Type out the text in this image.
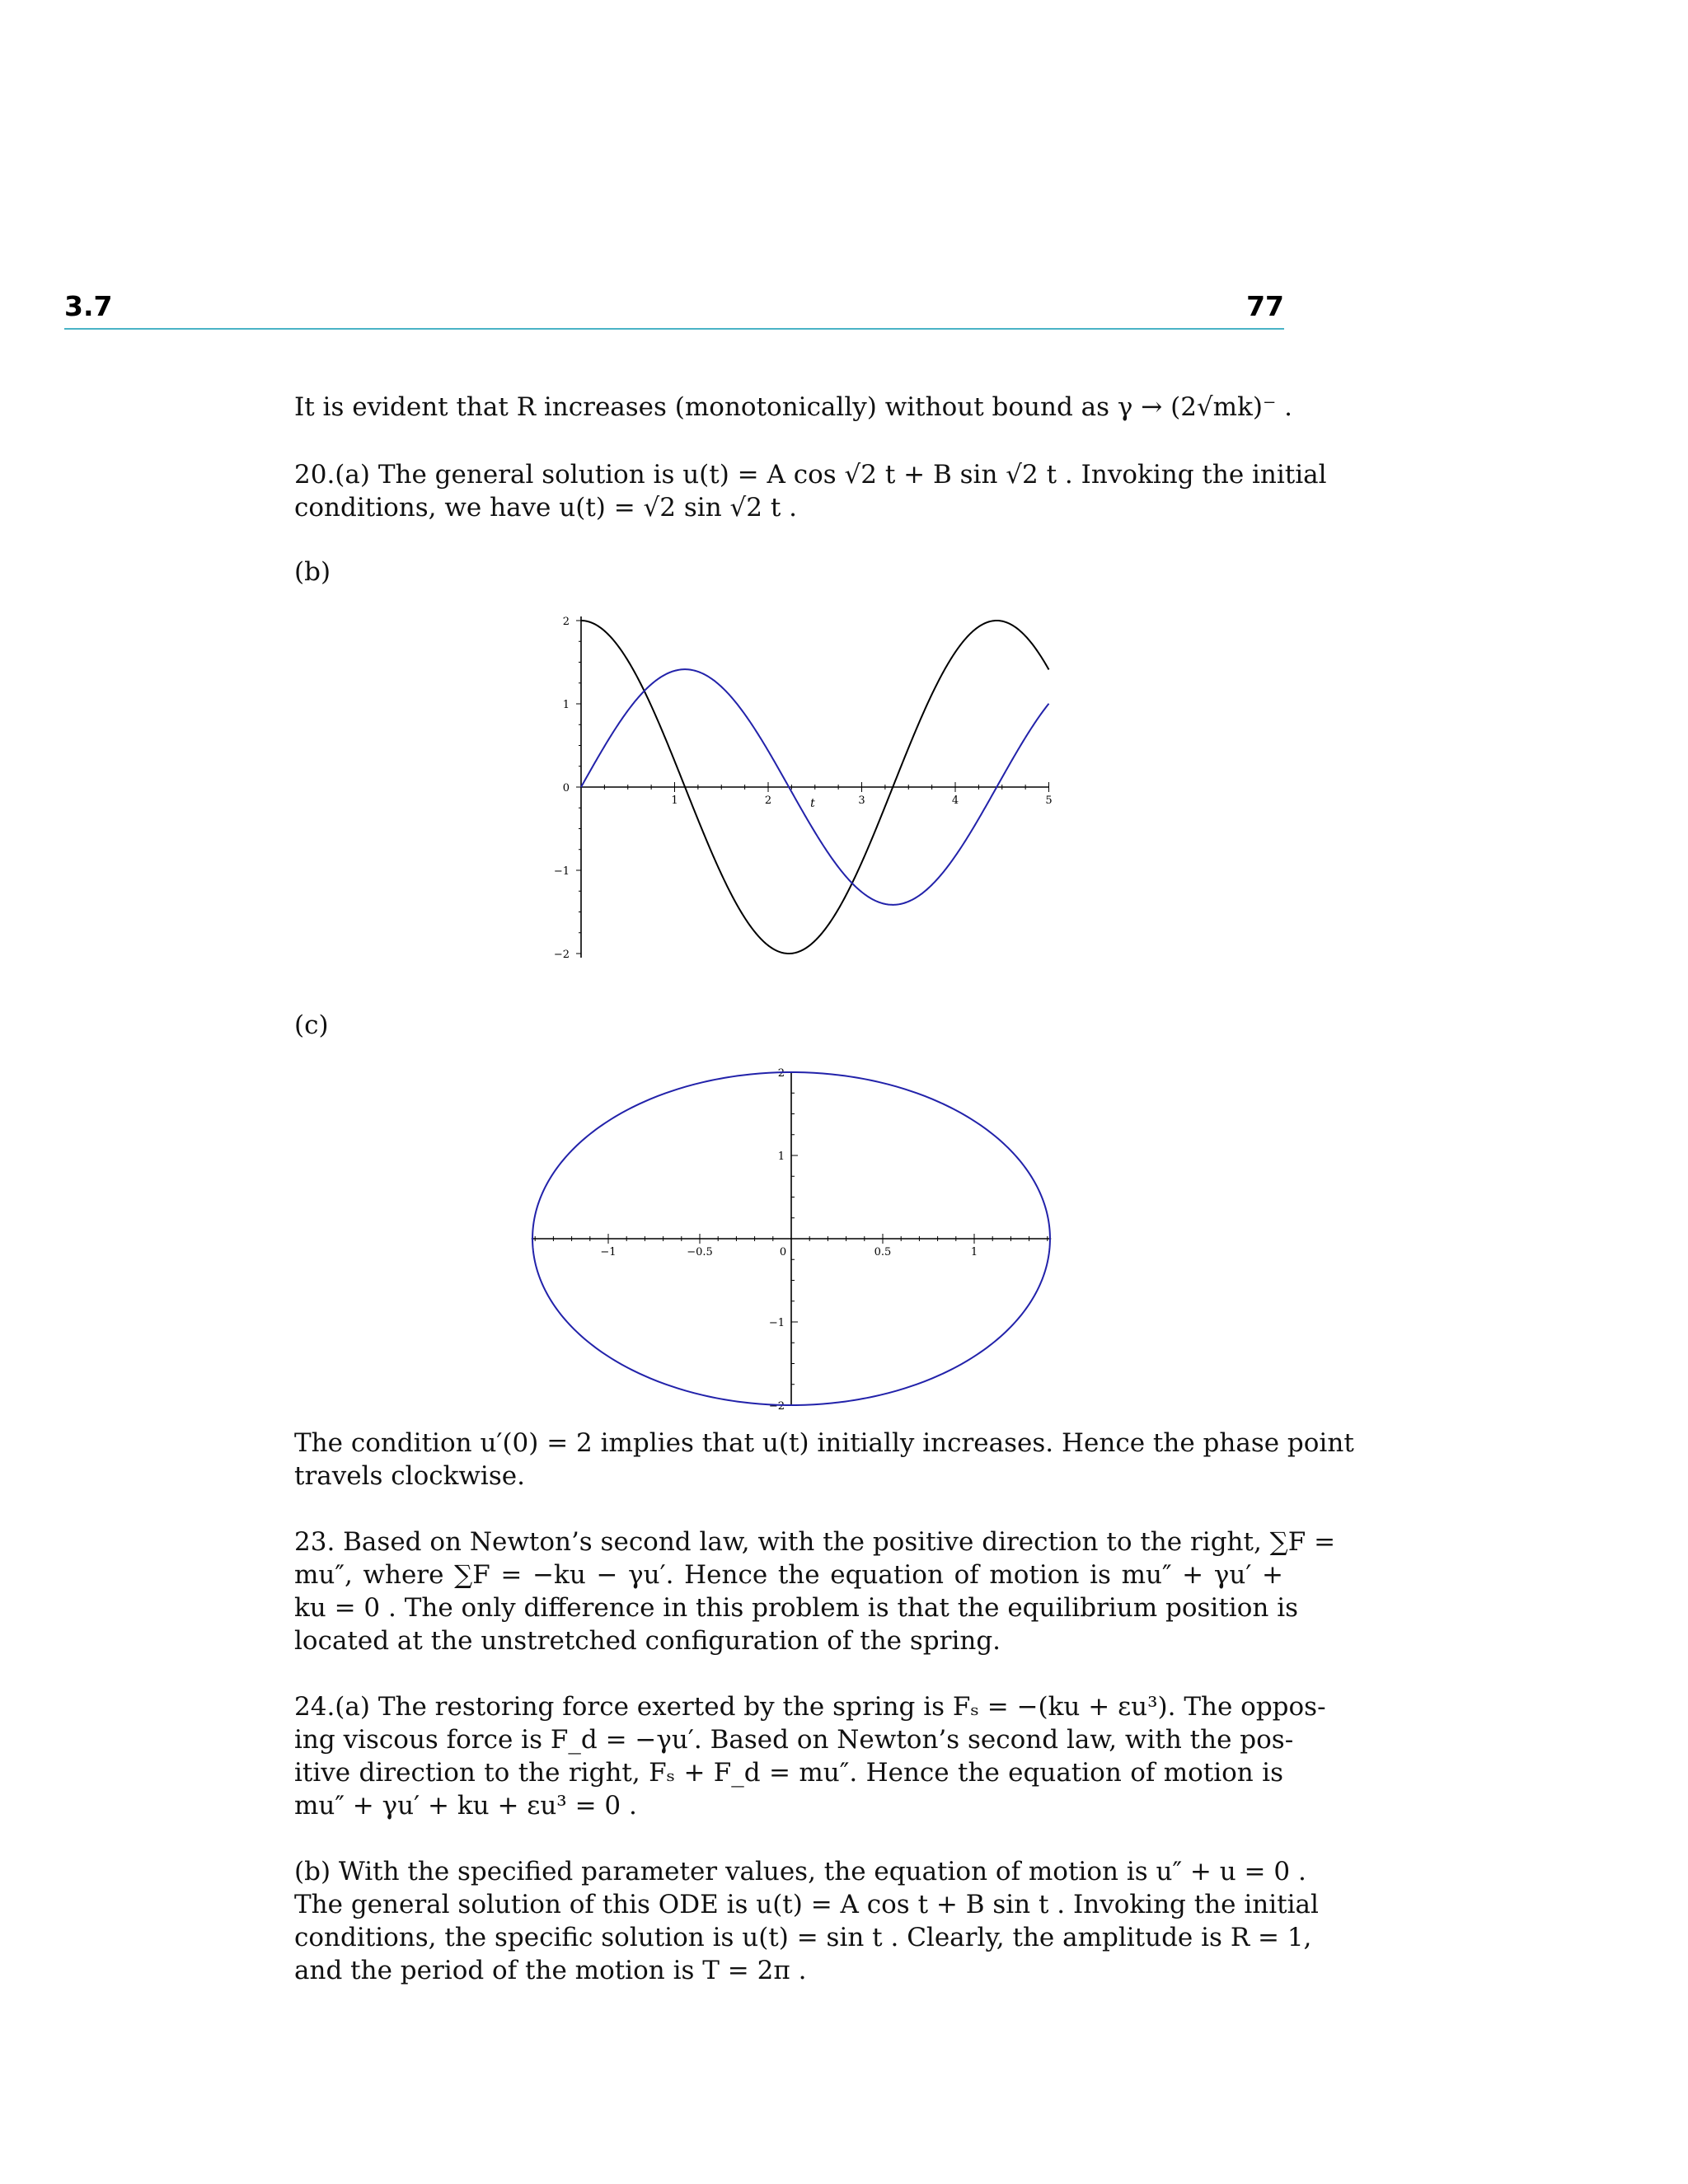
3.7	77
It is evident that R increases (monotonically) without bound as γ → (2√mk)⁻ .
20.(a) The general solution is u(t) = A cos √2 t + B sin √2 t . Invoking the initial
conditions, we have u(t) = √2 sin √2 t .
(b)
1	2	3	4	5
2
1
0
−1
−2
t
(c)
−1	−0.5	0	0.5	1
2
1
−1
−2
The condition u′(0) = 2 implies that u(t) initially increases. Hence the phase point
travels clockwise.
23. Based on Newton’s second law, with the positive direction to the right, ∑F =
mu″, where ∑F = −ku − γu′. Hence the equation of motion is mu″ + γu′ +
ku = 0 . The only difference in this problem is that the equilibrium position is
located at the unstretched configuration of the spring.
24.(a) The restoring force exerted by the spring is Fₛ = −(ku + εu³). The oppos-
ing viscous force is F_d = −γu′. Based on Newton’s second law, with the pos-
itive direction to the right, Fₛ + F_d = mu″. Hence the equation of motion is
mu″ + γu′ + ku + εu³ = 0 .
(b) With the specified parameter values, the equation of motion is u″ + u = 0 .
The general solution of this ODE is u(t) = A cos t + B sin t . Invoking the initial
conditions, the specific solution is u(t) = sin t . Clearly, the amplitude is R = 1,
and the period of the motion is T = 2π .
